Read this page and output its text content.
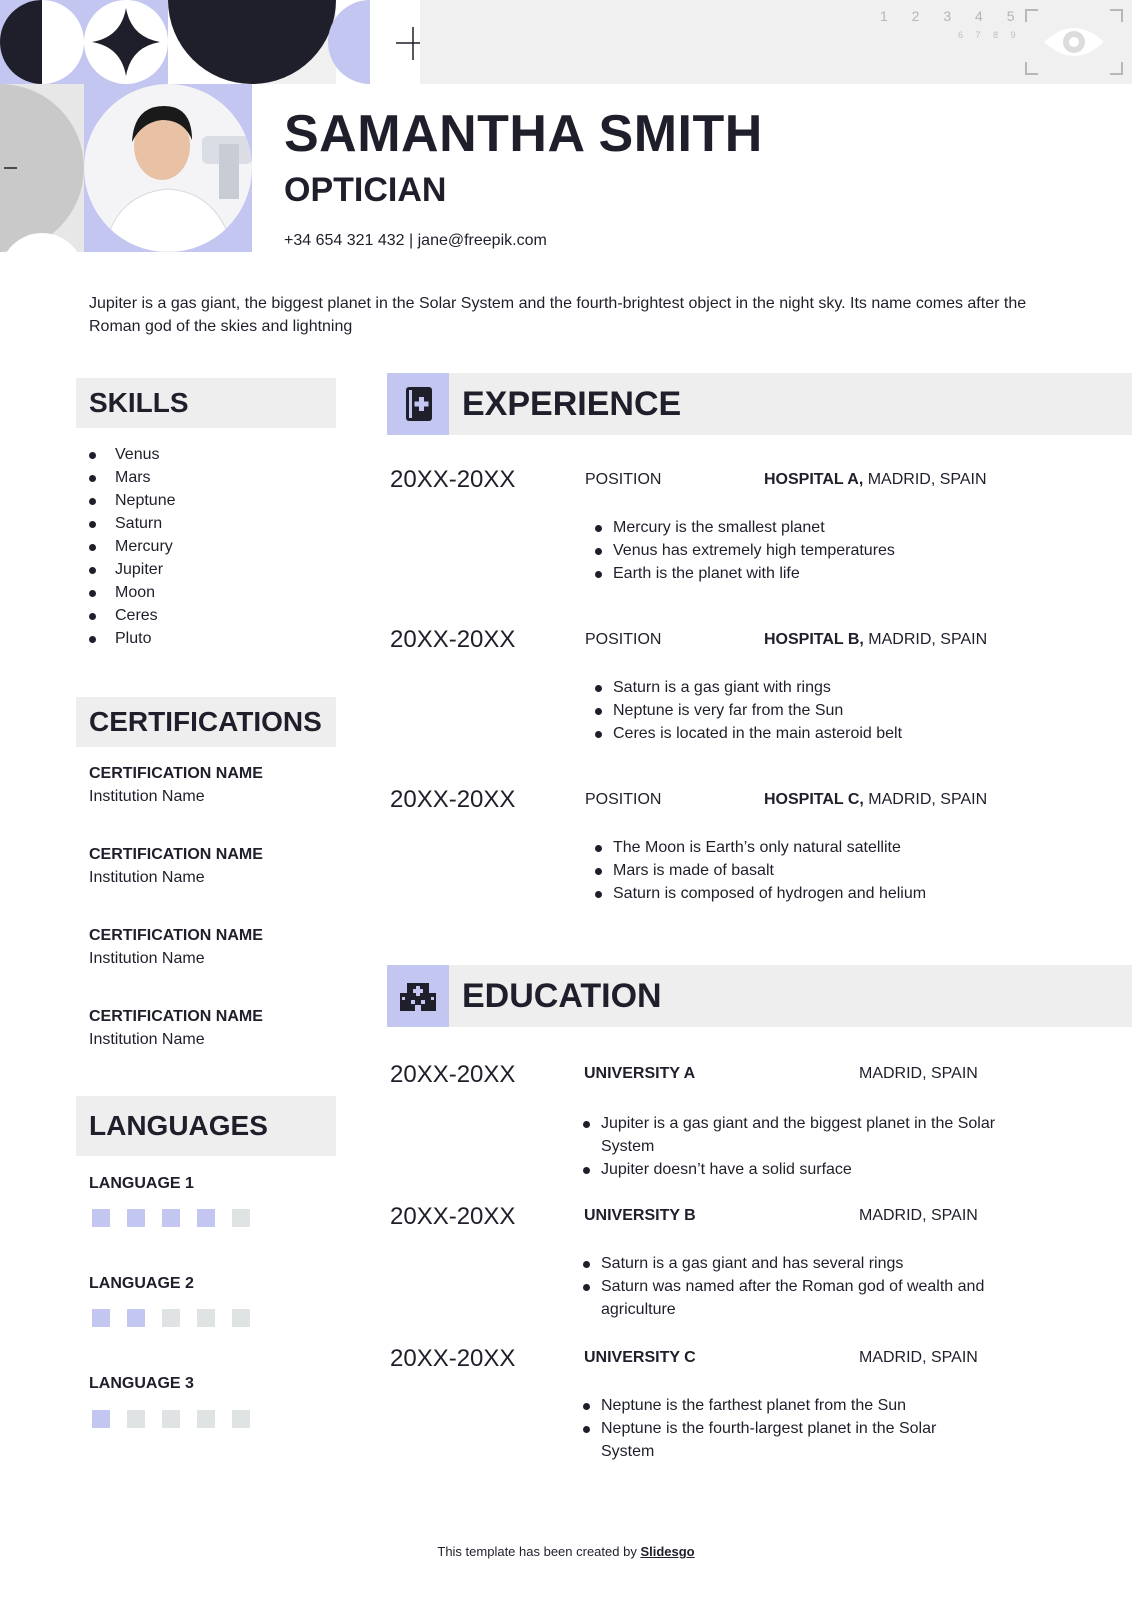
1 2 3 4 5
6 7 8 9
SAMANTHA SMITH
OPTICIAN
+34 654 321 432 | jane@freepik.com
Jupiter is a gas giant, the biggest planet in the Solar System and the fourth-brightest object in the night sky. Its name comes after the Roman god of the skies and lightning
SKILLS
Venus
Mars
Neptune
Saturn
Mercury
Jupiter
Moon
Ceres
Pluto
CERTIFICATIONS
CERTIFICATION NAME
Institution Name
CERTIFICATION NAME
Institution Name
CERTIFICATION NAME
Institution Name
CERTIFICATION NAME
Institution Name
LANGUAGES
LANGUAGE 1
LANGUAGE 2
LANGUAGE 3
EXPERIENCE
20XX-20XX	POSITION	HOSPITAL A, MADRID, SPAIN
Mercury is the smallest planet
Venus has extremely high temperatures
Earth is the planet with life
20XX-20XX	POSITION	HOSPITAL B, MADRID, SPAIN
Saturn is a gas giant with rings
Neptune is very far from the Sun
Ceres is located in the main asteroid belt
20XX-20XX	POSITION	HOSPITAL C, MADRID, SPAIN
The Moon is Earth’s only natural satellite
Mars is made of basalt
Saturn is composed of hydrogen and helium
EDUCATION
20XX-20XX	UNIVERSITY A	MADRID, SPAIN
Jupiter is a gas giant and the biggest planet in the Solar System
Jupiter doesn’t have a solid surface
20XX-20XX	UNIVERSITY B	MADRID, SPAIN
Saturn is a gas giant and has several rings
Saturn was named after the Roman god of wealth and agriculture
20XX-20XX	UNIVERSITY C	MADRID, SPAIN
Neptune is the farthest planet from the Sun
Neptune is the fourth-largest planet in the Solar System
This template has been created by Slidesgo
